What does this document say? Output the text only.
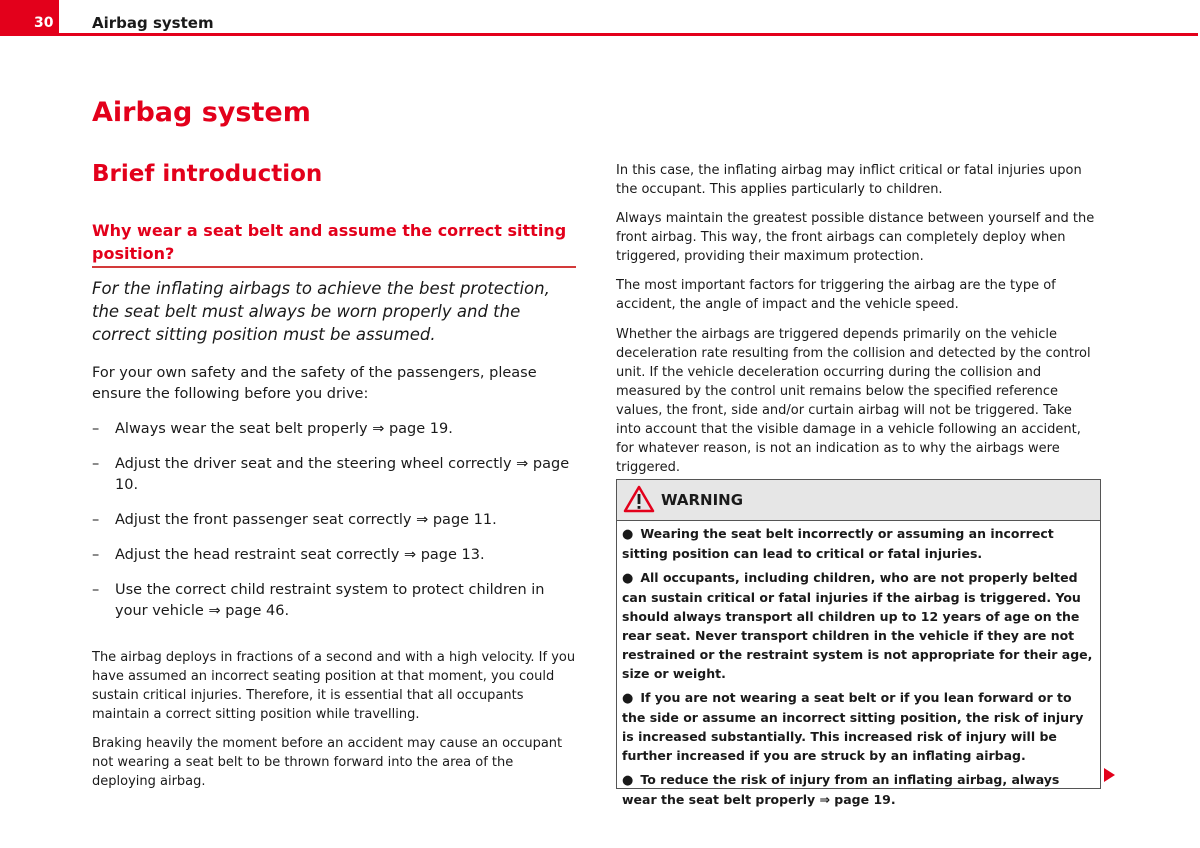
30	Airbag system
Airbag system
Brief introduction
Why wear a seat belt and assume the correct sitting position?

For the inflating airbags to achieve the best protection, the seat belt must always be worn properly and the correct sitting position must be assumed.

For your own safety and the safety of the passengers, please ensure the following before you drive:

– Always wear the seat belt properly ⇒ page 19.
– Adjust the driver seat and the steering wheel correctly ⇒ page 10.
– Adjust the front passenger seat correctly ⇒ page 11.
– Adjust the head restraint seat correctly ⇒ page 13.
– Use the correct child restraint system to protect children in your vehicle ⇒ page 46.

The airbag deploys in fractions of a second and with a high velocity. If you have assumed an incorrect seating position at that moment, you could sustain critical injuries. Therefore, it is essential that all occupants maintain a correct sitting position while travelling.

Braking heavily the moment before an accident may cause an occupant not wearing a seat belt to be thrown forward into the area of the deploying airbag.

In this case, the inflating airbag may inflict critical or fatal injuries upon the occupant. This applies particularly to children.

Always maintain the greatest possible distance between yourself and the front airbag. This way, the front airbags can completely deploy when triggered, providing their maximum protection.

The most important factors for triggering the airbag are the type of accident, the angle of impact and the vehicle speed.

Whether the airbags are triggered depends primarily on the vehicle deceleration rate resulting from the collision and detected by the control unit. If the vehicle deceleration occurring during the collision and measured by the control unit remains below the specified reference values, the front, side and/or curtain airbag will not be triggered. Take into account that the visible damage in a vehicle following an accident, for whatever reason, is not an indication as to why the airbags were triggered.

WARNING
● Wearing the seat belt incorrectly or assuming an incorrect sitting position can lead to critical or fatal injuries.
● All occupants, including children, who are not properly belted can sustain critical or fatal injuries if the airbag is triggered. You should always transport all children up to 12 years of age on the rear seat. Never transport children in the vehicle if they are not restrained or the restraint system is not appropriate for their age, size or weight.
● If you are not wearing a seat belt or if you lean forward or to the side or assume an incorrect sitting position, the risk of injury is increased substantially. This increased risk of injury will be further increased if you are struck by an inflating airbag.
● To reduce the risk of injury from an inflating airbag, always wear the seat belt properly ⇒ page 19.
